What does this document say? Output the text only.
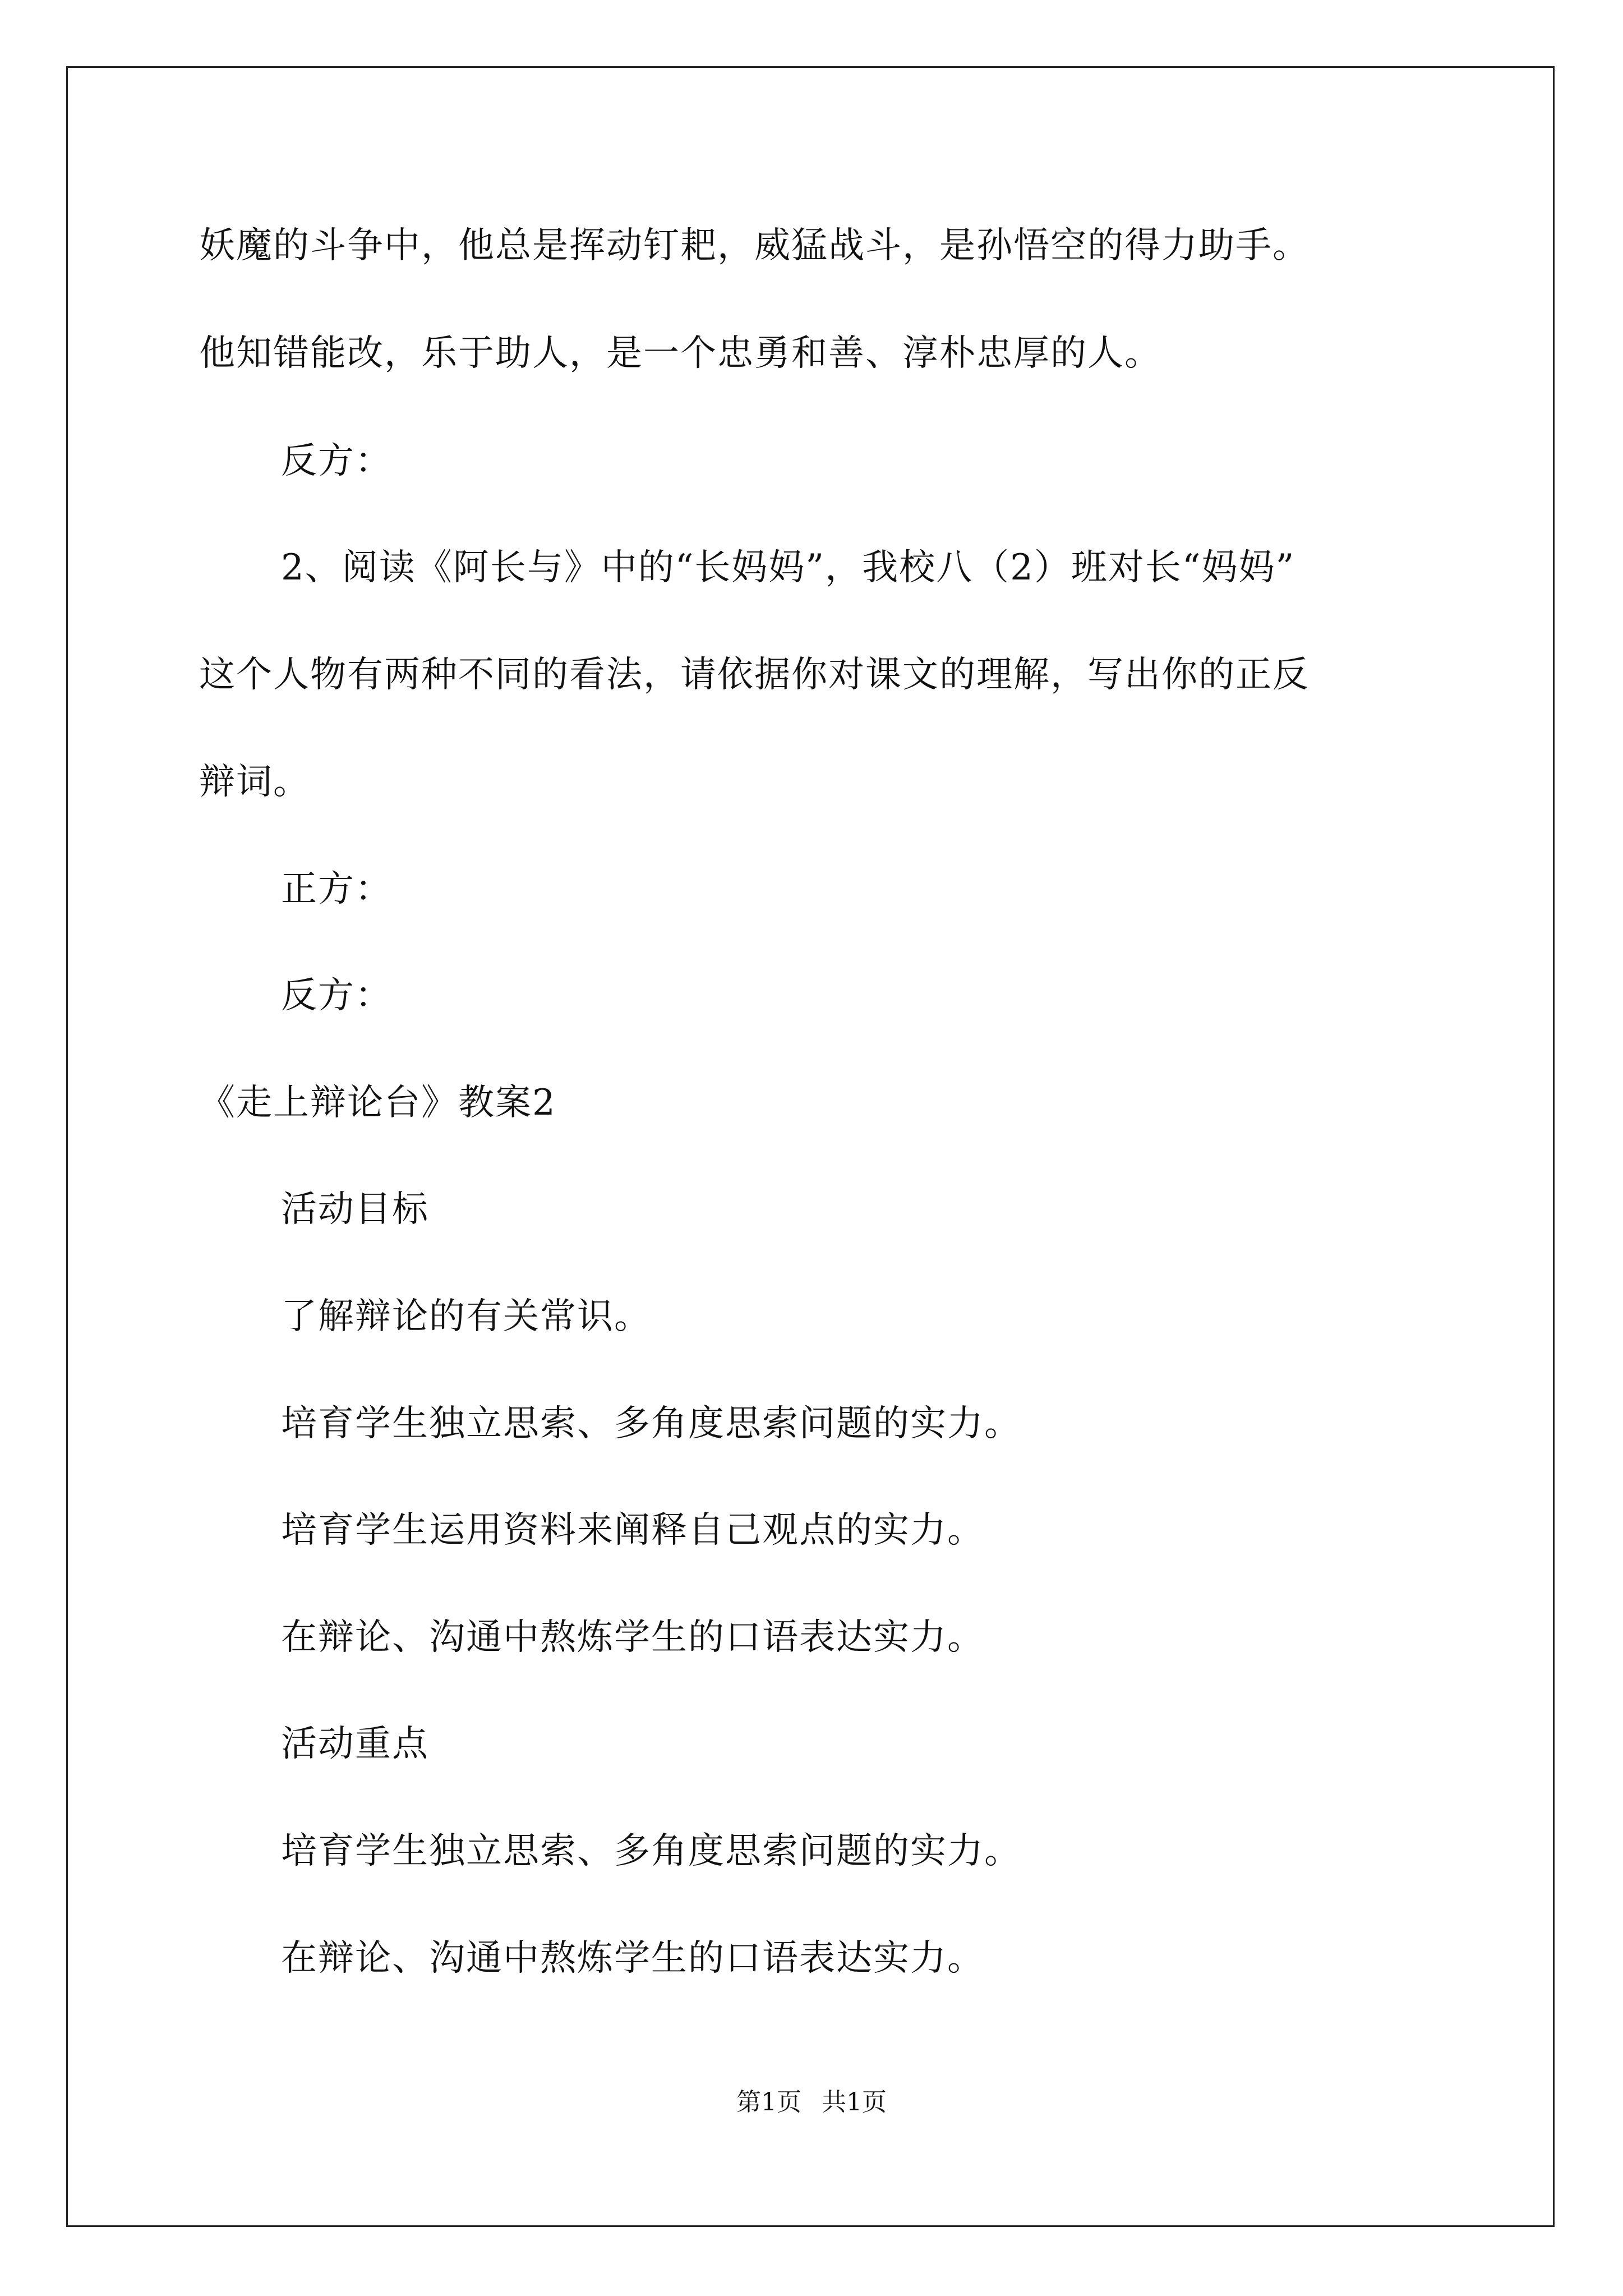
妖魔的斗争中，他总是挥动钉耙，威猛战斗，是孙悟空的得力助手。
他知错能改，乐于助人，是一个忠勇和善、淳朴忠厚的人。
反方：
2、阅读《阿长与》中的“长妈妈”，我校八（2）班对长“妈妈”
这个人物有两种不同的看法，请依据你对课文的理解，写出你的正反
辩词。
正方：
反方：
《走上辩论台》教案2
活动目标
了解辩论的有关常识。
培育学生独立思索、多角度思索问题的实力。
培育学生运用资料来阐释自己观点的实力。
在辩论、沟通中熬炼学生的口语表达实力。
活动重点
培育学生独立思索、多角度思索问题的实力。
在辩论、沟通中熬炼学生的口语表达实力。
第1页 共1页
